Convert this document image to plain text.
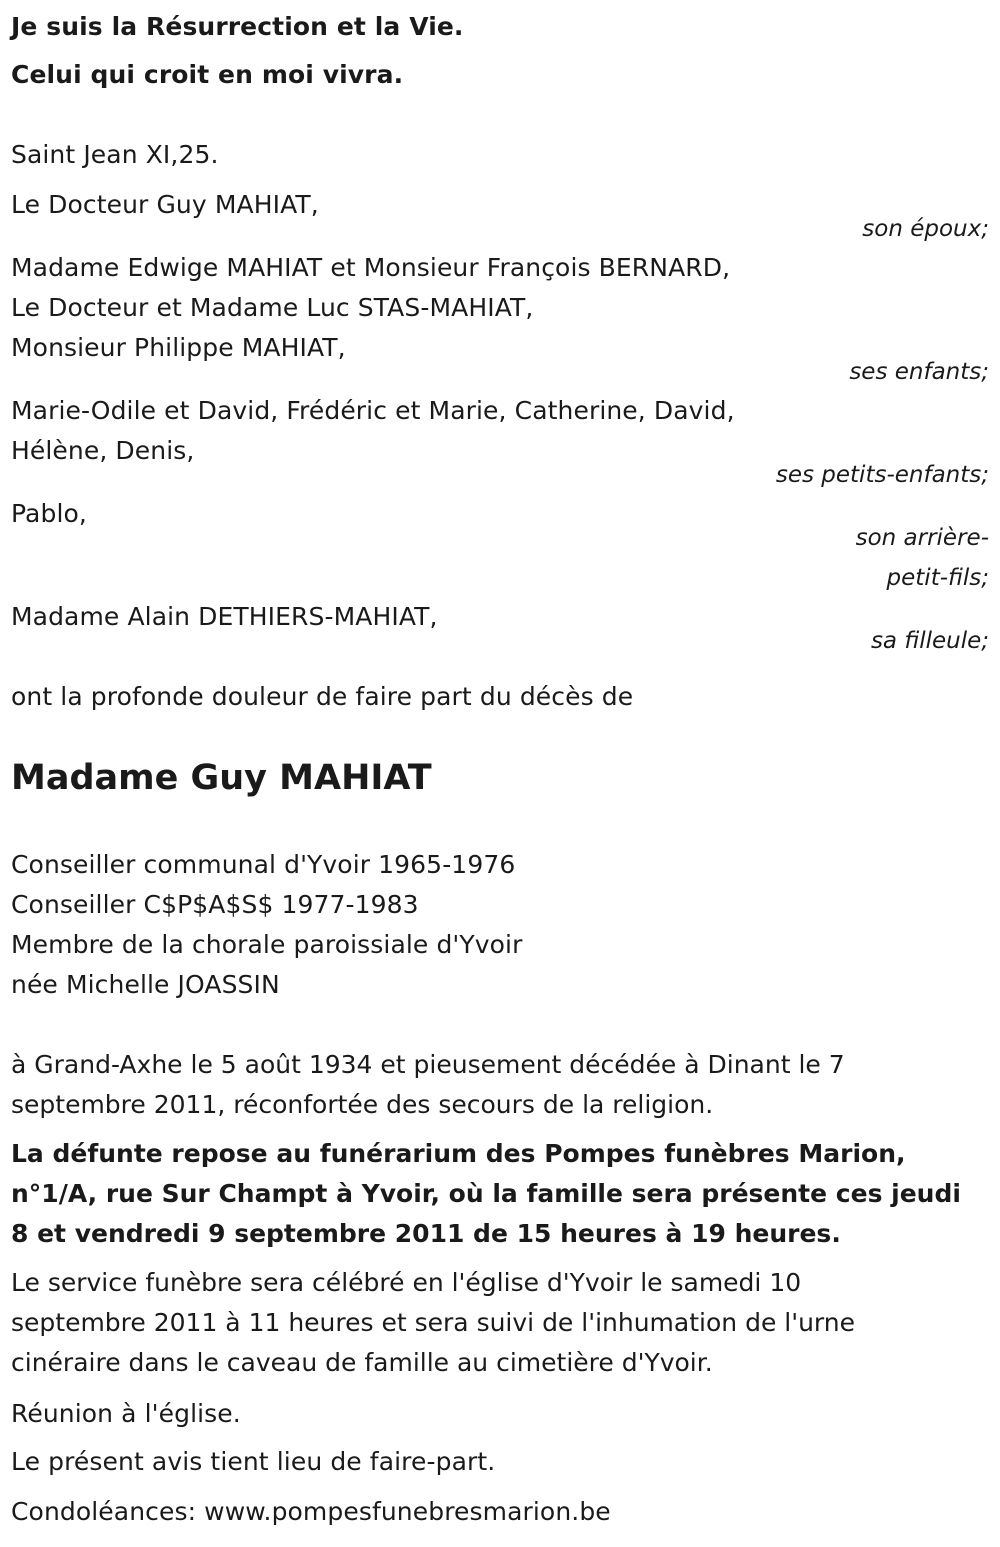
Je suis la Résurrection et la Vie.
Celui qui croit en moi vivra.
Saint Jean XI,25.
Le Docteur Guy MAHIAT,
son époux;
Madame Edwige MAHIAT et Monsieur François BERNARD,
Le Docteur et Madame Luc STAS-MAHIAT,
Monsieur Philippe MAHIAT,
ses enfants;
Marie-Odile et David, Frédéric et Marie, Catherine, David,
Hélène, Denis,
ses petits-enfants;
Pablo,
son arrière-
petit-fils;
Madame Alain DETHIERS-MAHIAT,
sa filleule;
ont la profonde douleur de faire part du décès de
Madame Guy MAHIAT
Conseiller communal d'Yvoir 1965-1976
Conseiller C$P$A$S$ 1977-1983
Membre de la chorale paroissiale d'Yvoir
née Michelle JOASSIN
à Grand-Axhe le 5 août 1934 et pieusement décédée à Dinant le 7 septembre 2011, réconfortée des secours de la religion.
La défunte repose au funérarium des Pompes funèbres Marion, n°1/A, rue Sur Champt à Yvoir, où la famille sera présente ces jeudi 8 et vendredi 9 septembre 2011 de 15 heures à 19 heures.
Le service funèbre sera célébré en l'église d'Yvoir le samedi 10 septembre 2011 à 11 heures et sera suivi de l'inhumation de l'urne cinéraire dans le caveau de famille au cimetière d'Yvoir.
Réunion à l'église.
Le présent avis tient lieu de faire-part.
Condoléances: www.pompesfunebresmarion.be
